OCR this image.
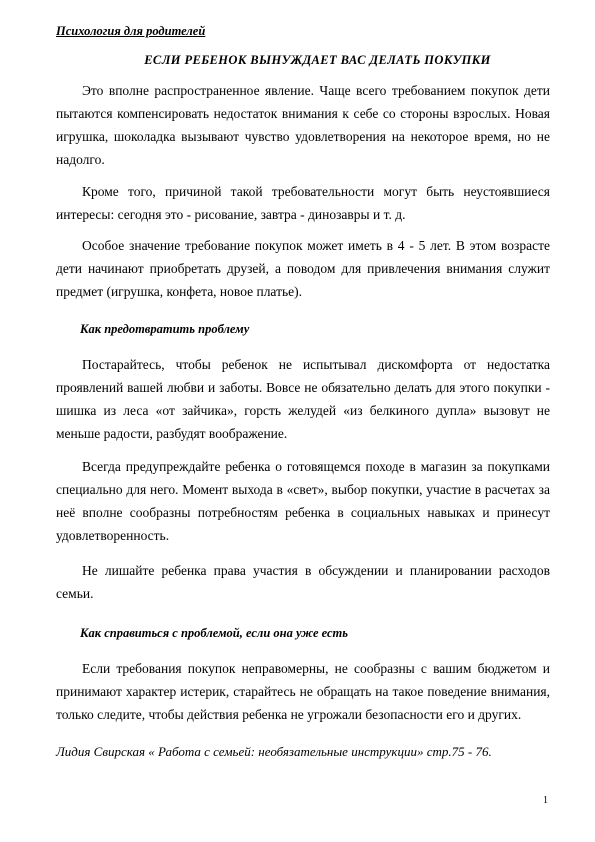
Психология для родителей
ЕСЛИ РЕБЕНОК ВЫНУЖДАЕТ ВАС ДЕЛАТЬ ПОКУПКИ

Это вполне распространенное явление. Чаще всего требованием покупок дети пытаются компенсировать недостаток внимания к себе со стороны взрослых. Новая игрушка, шоколадка вызывают чувство удовлетворения на некоторое время, но не надолго.

Кроме того, причиной такой требовательности могут быть неустоявшиеся интересы: сегодня это - рисование, завтра - динозавры и т. д.

Особое значение требование покупок может иметь в 4 - 5 лет. В этом возрасте дети начинают приобретать друзей, а поводом для привлечения внимания служит предмет (игрушка, конфета, новое платье).

Как предотвратить проблему

Постарайтесь, чтобы ребенок не испытывал дискомфорта от недостатка проявлений вашей любви и заботы. Вовсе не обязательно делать для этого покупки - шишка из леса «от зайчика», горсть желудей «из белкиного дупла» вызовут не меньше радости, разбудят воображение.

Всегда предупреждайте ребенка о готовящемся походе в магазин за покупками специально для него. Момент выхода в «свет», выбор покупки, участие в расчетах за неё вполне сообразны потребностям ребенка в социальных навыках и принесут удовлетворенность.

Не лишайте ребенка права участия в обсуждении и планировании расходов семьи.

Как справиться с проблемой, если она уже есть

Если требования покупок неправомерны, не сообразны с вашим бюджетом и принимают характер истерик, старайтесь не обращать на такое поведение внимания, только следите, чтобы действия ребенка не угрожали безопасности его и других.

Лидия Свирская « Работа с семьей: необязательные инструкции» стр.75 - 76.
1
